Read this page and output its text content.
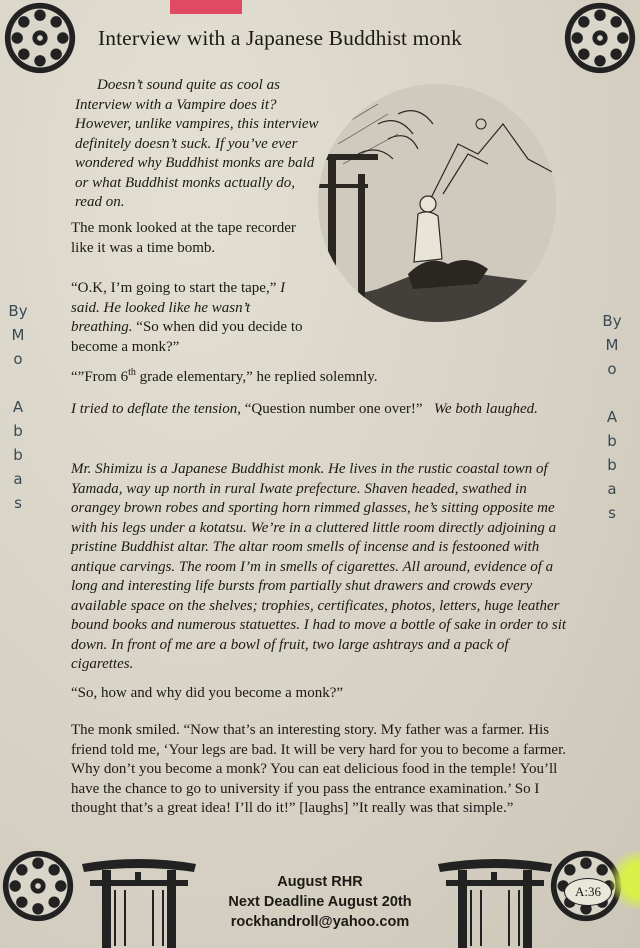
Interview with a Japanese Buddhist monk
Doesn’t sound quite as cool as Interview with a Vampire does it? However, unlike vampires, this interview definitely doesn’t suck. If you’ve ever wondered why Buddhist monks are bald or what Buddhist monks actually do, read on.
The monk looked at the tape recorder like it was a time bomb.
“O.K, I’m going to start the tape,” I said. He looked like he wasn’t breathing. “So when did you decide to become a monk?”
“”From 6th grade elementary,” he replied solemnly.
I tried to deflate the tension, “Question number one over!” We both laughed.
Mr. Shimizu is a Japanese Buddhist monk. He lives in the rustic coastal town of Yamada, way up north in rural Iwate prefecture. Shaven headed, swathed in orangey brown robes and sporting horn rimmed glasses, he’s sitting opposite me with his legs under a kotatsu. We’re in a cluttered little room directly adjoining a pristine Buddhist altar. The altar room smells of incense and is festooned with antique carvings. The room I’m in smells of cigarettes. All around, evidence of a long and interesting life bursts from partially shut drawers and crowds every available space on the shelves; trophies, certificates, photos, letters, huge leather bound books and numerous statuettes. I had to move a bottle of sake in order to sit down. In front of me are a bowl of fruit, two large ashtrays and a pack of cigarettes.
“So, how and why did you become a monk?”
The monk smiled. “Now that’s an interesting story. My father was a farmer. His friend told me, ‘Your legs are bad. It will be very hard for you to become a farmer. Why don’t you become a monk? You can eat delicious food in the temple! You’ll have the chance to go to university if you pass the entrance examination.’ So I thought that’s a great idea! I’ll do it!” [laughs] ”It really was that simple.”
By
M
o
A
b
b
a
s
By
M
o
A
b
b
a
s
August RHR
Next Deadline August 20th
rockhandroll@yahoo.com
A:36
